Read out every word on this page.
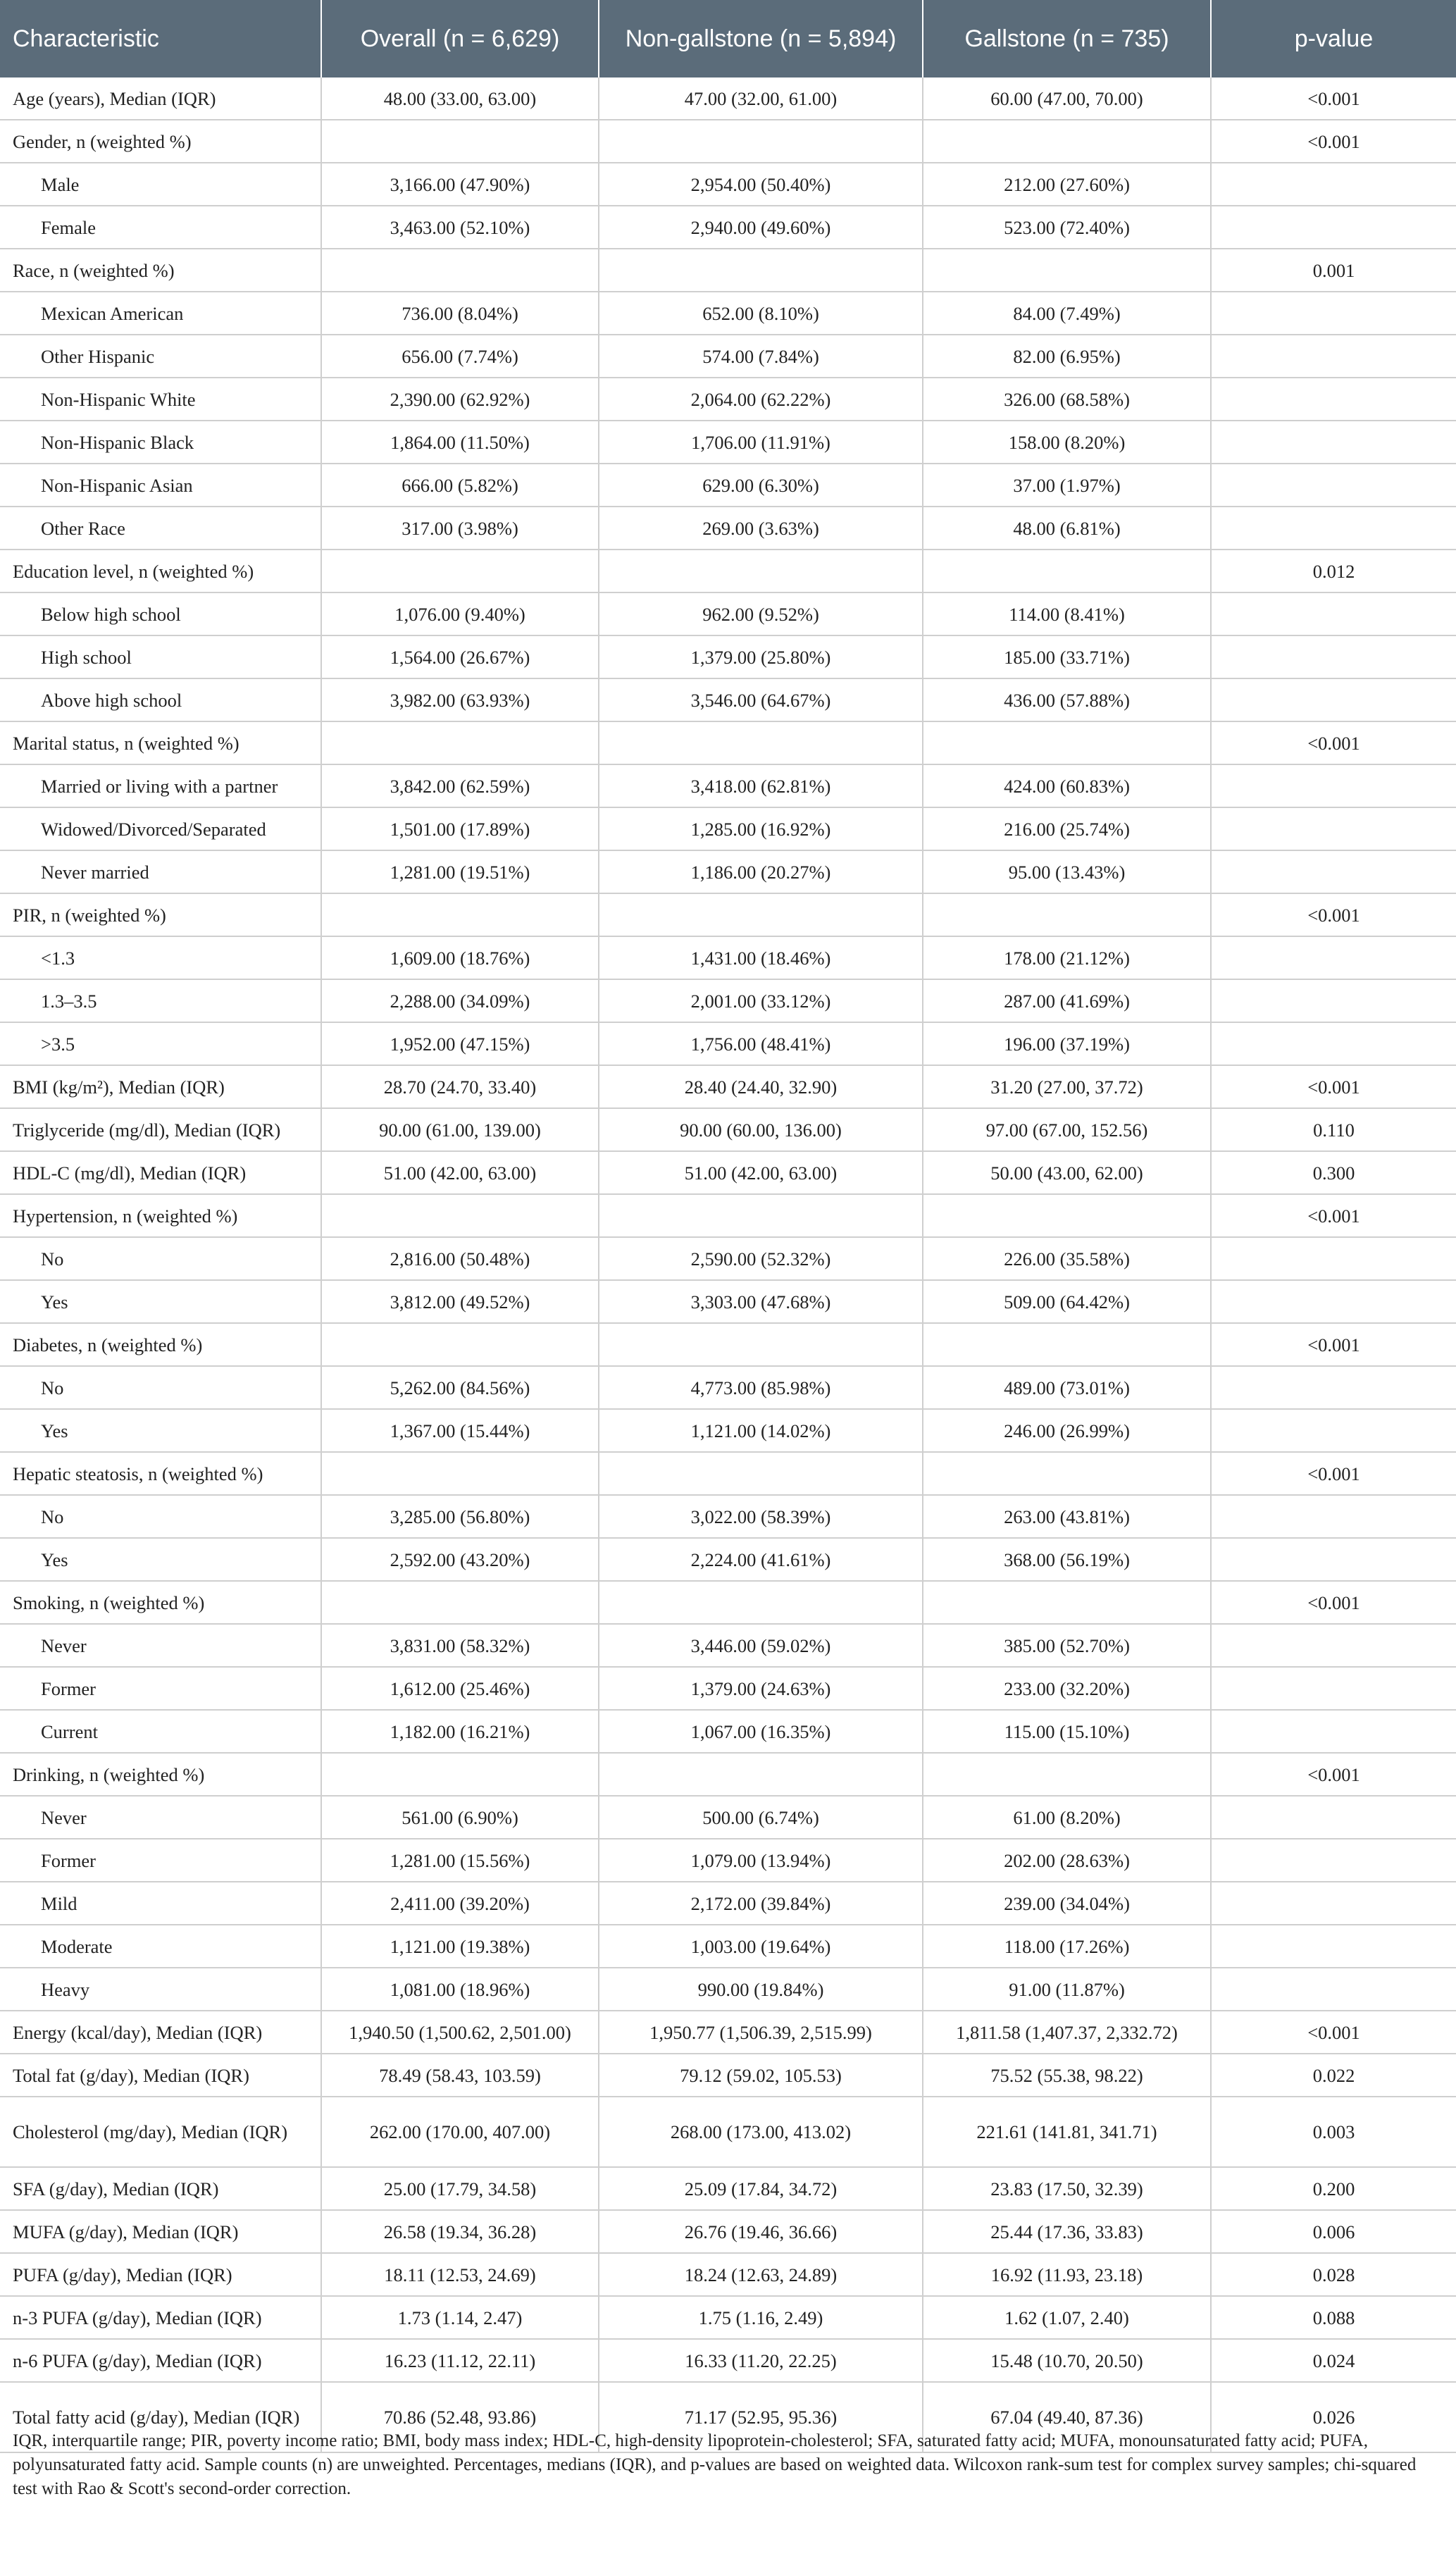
Characteristic	Overall (n = 6,629)	Non-gallstone (n = 5,894)	Gallstone (n = 735)	p-value
Age (years), Median (IQR)	48.00 (33.00, 63.00)	47.00 (32.00, 61.00)	60.00 (47.00, 70.00)	<0.001
Gender, n (weighted %)				<0.001
Male	3,166.00 (47.90%)	2,954.00 (50.40%)	212.00 (27.60%)	
Female	3,463.00 (52.10%)	2,940.00 (49.60%)	523.00 (72.40%)	
Race, n (weighted %)				0.001
Mexican American	736.00 (8.04%)	652.00 (8.10%)	84.00 (7.49%)	
Other Hispanic	656.00 (7.74%)	574.00 (7.84%)	82.00 (6.95%)	
Non-Hispanic White	2,390.00 (62.92%)	2,064.00 (62.22%)	326.00 (68.58%)	
Non-Hispanic Black	1,864.00 (11.50%)	1,706.00 (11.91%)	158.00 (8.20%)	
Non-Hispanic Asian	666.00 (5.82%)	629.00 (6.30%)	37.00 (1.97%)	
Other Race	317.00 (3.98%)	269.00 (3.63%)	48.00 (6.81%)	
Education level, n (weighted %)				0.012
Below high school	1,076.00 (9.40%)	962.00 (9.52%)	114.00 (8.41%)	
High school	1,564.00 (26.67%)	1,379.00 (25.80%)	185.00 (33.71%)	
Above high school	3,982.00 (63.93%)	3,546.00 (64.67%)	436.00 (57.88%)	
Marital status, n (weighted %)				<0.001
Married or living with a partner	3,842.00 (62.59%)	3,418.00 (62.81%)	424.00 (60.83%)	
Widowed/Divorced/Separated	1,501.00 (17.89%)	1,285.00 (16.92%)	216.00 (25.74%)	
Never married	1,281.00 (19.51%)	1,186.00 (20.27%)	95.00 (13.43%)	
PIR, n (weighted %)				<0.001
<1.3	1,609.00 (18.76%)	1,431.00 (18.46%)	178.00 (21.12%)	
1.3–3.5	2,288.00 (34.09%)	2,001.00 (33.12%)	287.00 (41.69%)	
>3.5	1,952.00 (47.15%)	1,756.00 (48.41%)	196.00 (37.19%)	
BMI (kg/m²), Median (IQR)	28.70 (24.70, 33.40)	28.40 (24.40, 32.90)	31.20 (27.00, 37.72)	<0.001
Triglyceride (mg/dl), Median (IQR)	90.00 (61.00, 139.00)	90.00 (60.00, 136.00)	97.00 (67.00, 152.56)	0.110
HDL-C (mg/dl), Median (IQR)	51.00 (42.00, 63.00)	51.00 (42.00, 63.00)	50.00 (43.00, 62.00)	0.300
Hypertension, n (weighted %)				<0.001
No	2,816.00 (50.48%)	2,590.00 (52.32%)	226.00 (35.58%)	
Yes	3,812.00 (49.52%)	3,303.00 (47.68%)	509.00 (64.42%)	
Diabetes, n (weighted %)				<0.001
No	5,262.00 (84.56%)	4,773.00 (85.98%)	489.00 (73.01%)	
Yes	1,367.00 (15.44%)	1,121.00 (14.02%)	246.00 (26.99%)	
Hepatic steatosis, n (weighted %)				<0.001
No	3,285.00 (56.80%)	3,022.00 (58.39%)	263.00 (43.81%)	
Yes	2,592.00 (43.20%)	2,224.00 (41.61%)	368.00 (56.19%)	
Smoking, n (weighted %)				<0.001
Never	3,831.00 (58.32%)	3,446.00 (59.02%)	385.00 (52.70%)	
Former	1,612.00 (25.46%)	1,379.00 (24.63%)	233.00 (32.20%)	
Current	1,182.00 (16.21%)	1,067.00 (16.35%)	115.00 (15.10%)	
Drinking, n (weighted %)				<0.001
Never	561.00 (6.90%)	500.00 (6.74%)	61.00 (8.20%)	
Former	1,281.00 (15.56%)	1,079.00 (13.94%)	202.00 (28.63%)	
Mild	2,411.00 (39.20%)	2,172.00 (39.84%)	239.00 (34.04%)	
Moderate	1,121.00 (19.38%)	1,003.00 (19.64%)	118.00 (17.26%)	
Heavy	1,081.00 (18.96%)	990.00 (19.84%)	91.00 (11.87%)	
Energy (kcal/day), Median (IQR)	1,940.50 (1,500.62, 2,501.00)	1,950.77 (1,506.39, 2,515.99)	1,811.58 (1,407.37, 2,332.72)	<0.001
Total fat (g/day), Median (IQR)	78.49 (58.43, 103.59)	79.12 (59.02, 105.53)	75.52 (55.38, 98.22)	0.022
Cholesterol (mg/day), Median (IQR)	262.00 (170.00, 407.00)	268.00 (173.00, 413.02)	221.61 (141.81, 341.71)	0.003
SFA (g/day), Median (IQR)	25.00 (17.79, 34.58)	25.09 (17.84, 34.72)	23.83 (17.50, 32.39)	0.200
MUFA (g/day), Median (IQR)	26.58 (19.34, 36.28)	26.76 (19.46, 36.66)	25.44 (17.36, 33.83)	0.006
PUFA (g/day), Median (IQR)	18.11 (12.53, 24.69)	18.24 (12.63, 24.89)	16.92 (11.93, 23.18)	0.028
n-3 PUFA (g/day), Median (IQR)	1.73 (1.14, 2.47)	1.75 (1.16, 2.49)	1.62 (1.07, 2.40)	0.088
n-6 PUFA (g/day), Median (IQR)	16.23 (11.12, 22.11)	16.33 (11.20, 22.25)	15.48 (10.70, 20.50)	0.024
Total fatty acid (g/day), Median (IQR)	70.86 (52.48, 93.86)	71.17 (52.95, 95.36)	67.04 (49.40, 87.36)	0.026
IQR, interquartile range; PIR, poverty income ratio; BMI, body mass index; HDL-C, high-density lipoprotein-cholesterol; SFA, saturated fatty acid; MUFA, monounsaturated fatty acid; PUFA, polyunsaturated fatty acid. Sample counts (n) are unweighted. Percentages, medians (IQR), and p-values are based on weighted data. Wilcoxon rank-sum test for complex survey samples; chi-squared test with Rao & Scott's second-order correction.
